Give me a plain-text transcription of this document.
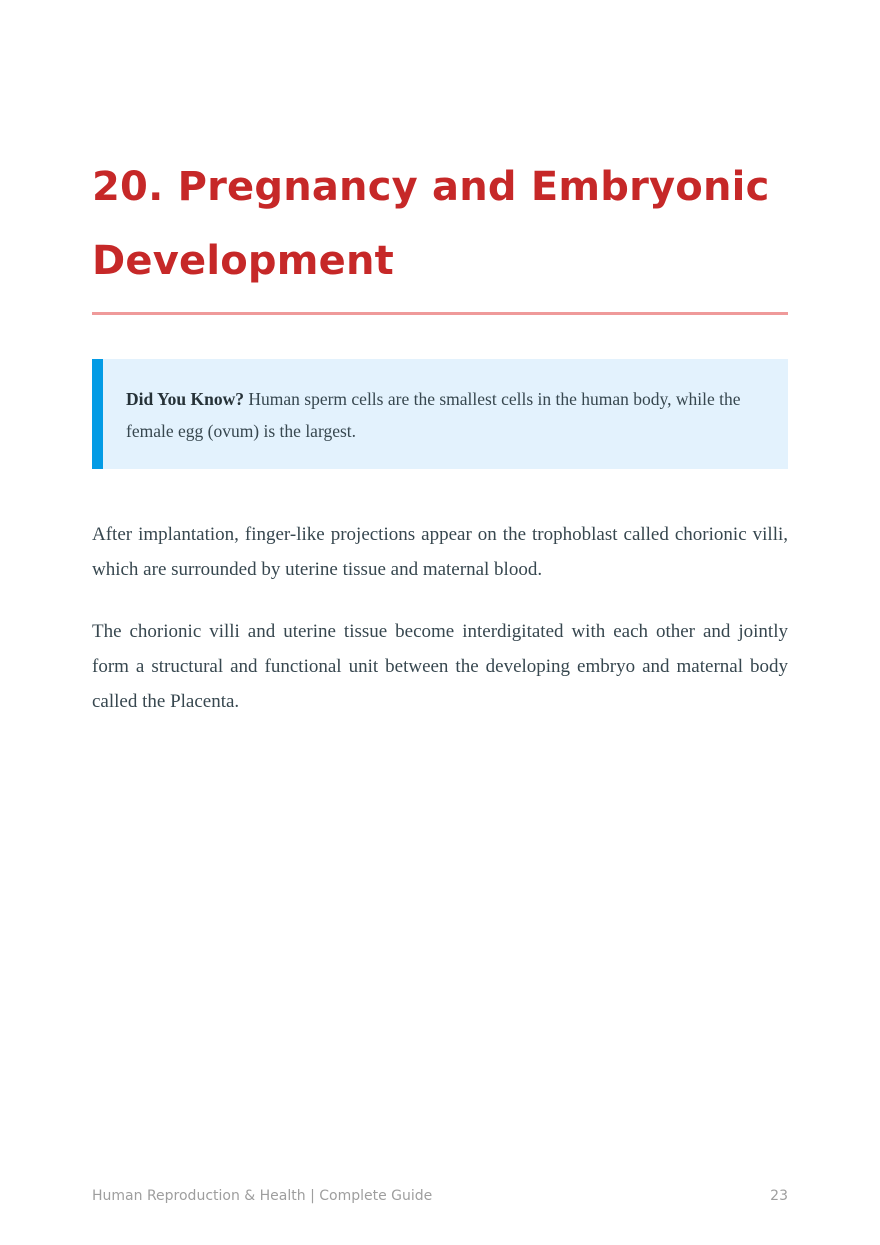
20. Pregnancy and Embryonic
Development
Did You Know? Human sperm cells are the smallest cells in the human body, while the female egg (ovum) is the largest.

After implantation, finger-like projections appear on the trophoblast called chorionic villi, which are surrounded by uterine tissue and maternal blood.

The chorionic villi and uterine tissue become interdigitated with each other and jointly form a structural and functional unit between the developing embryo and maternal body called the Placenta.

Human Reproduction & Health | Complete Guide	23
